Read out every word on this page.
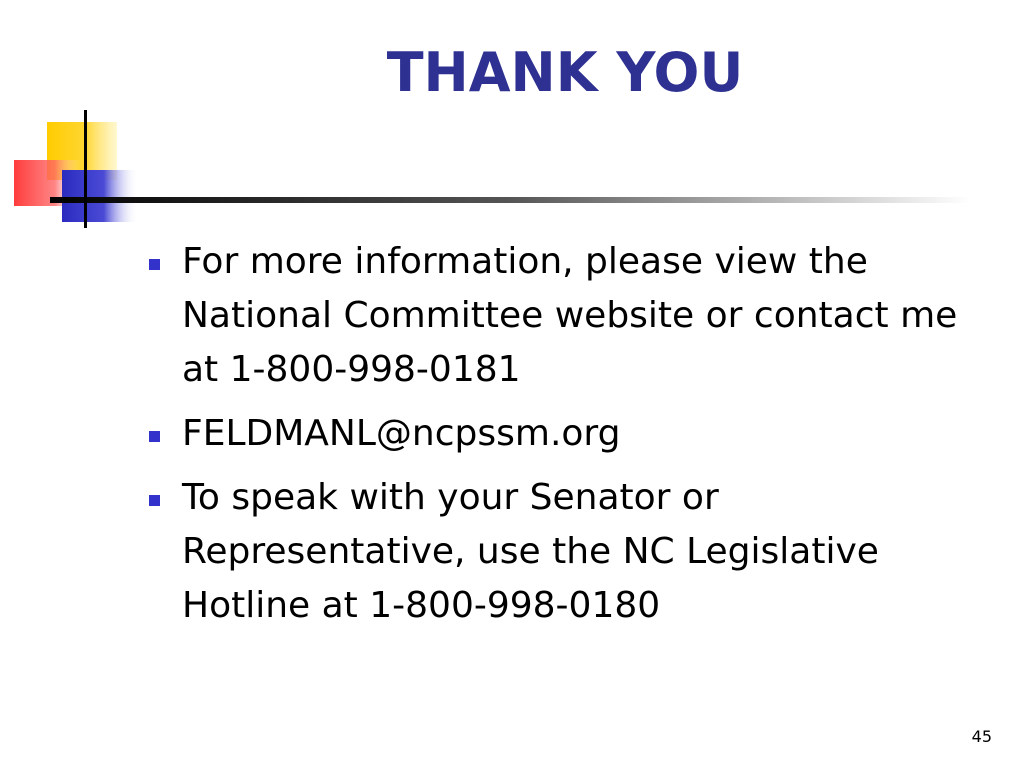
THANK YOU
For more information, please view the National Committee website or contact me at 1-800-998-0181
FELDMANL@ncpssm.org
To speak with your Senator or Representative, use the NC Legislative Hotline at 1-800-998-0180
45
